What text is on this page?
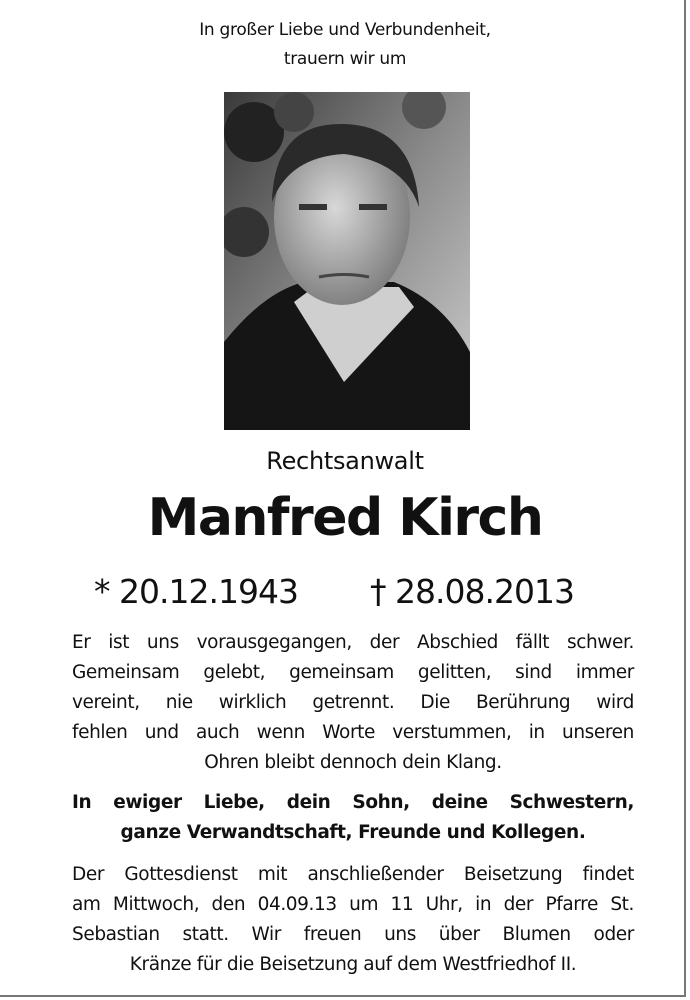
In großer Liebe und Verbundenheit,
trauern wir um
Rechtsanwalt
Manfred Kirch
* 20.12.1943 † 28.08.2013
Er ist uns vorausgegangen, der Abschied fällt schwer.
Gemeinsam gelebt, gemeinsam gelitten, sind immer
vereint, nie wirklich getrennt. Die Berührung wird
fehlen und auch wenn Worte verstummen, in unseren
Ohren bleibt dennoch dein Klang.
In ewiger Liebe, dein Sohn, deine Schwestern,
ganze Verwandtschaft, Freunde und Kollegen.
Der Gottesdienst mit anschließender Beisetzung findet
am Mittwoch, den 04.09.13 um 11 Uhr, in der Pfarre St.
Sebastian statt. Wir freuen uns über Blumen oder
Kränze für die Beisetzung auf dem Westfriedhof II.
